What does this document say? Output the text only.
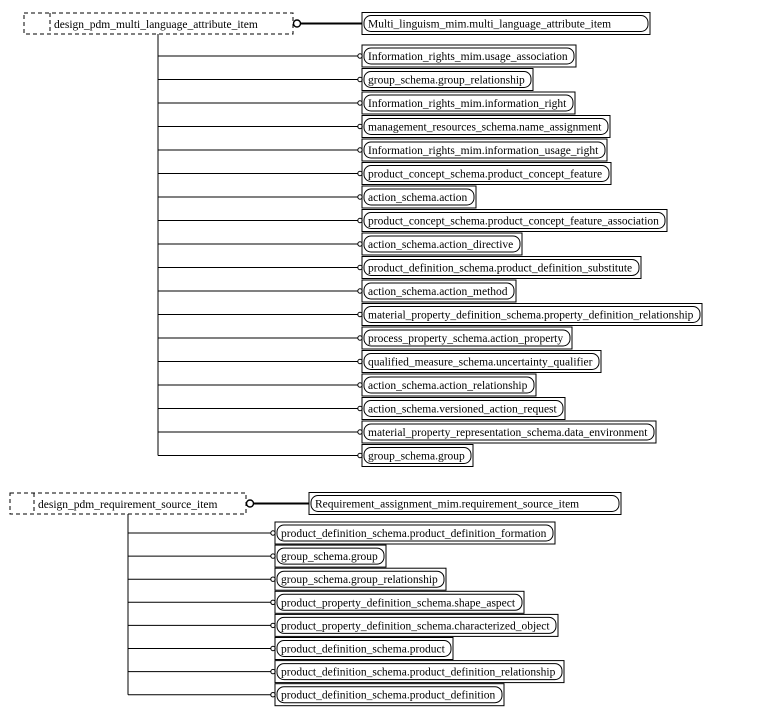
design_pdm_multi_language_attribute_item	Multi_linguism_mim.multi_language_attribute_item
Information_rights_mim.usage_association
group_schema.group_relationship
Information_rights_mim.information_right
management_resources_schema.name_assignment
Information_rights_mim.information_usage_right
product_concept_schema.product_concept_feature
action_schema.action
product_concept_schema.product_concept_feature_association
action_schema.action_directive
product_definition_schema.product_definition_substitute
action_schema.action_method
material_property_definition_schema.property_definition_relationship
process_property_schema.action_property
qualified_measure_schema.uncertainty_qualifier
action_schema.action_relationship
action_schema.versioned_action_request
material_property_representation_schema.data_environment
group_schema.group
design_pdm_requirement_source_item	Requirement_assignment_mim.requirement_source_item
product_definition_schema.product_definition_formation
group_schema.group
group_schema.group_relationship
product_property_definition_schema.shape_aspect
product_property_definition_schema.characterized_object
product_definition_schema.product
product_definition_schema.product_definition_relationship
product_definition_schema.product_definition
